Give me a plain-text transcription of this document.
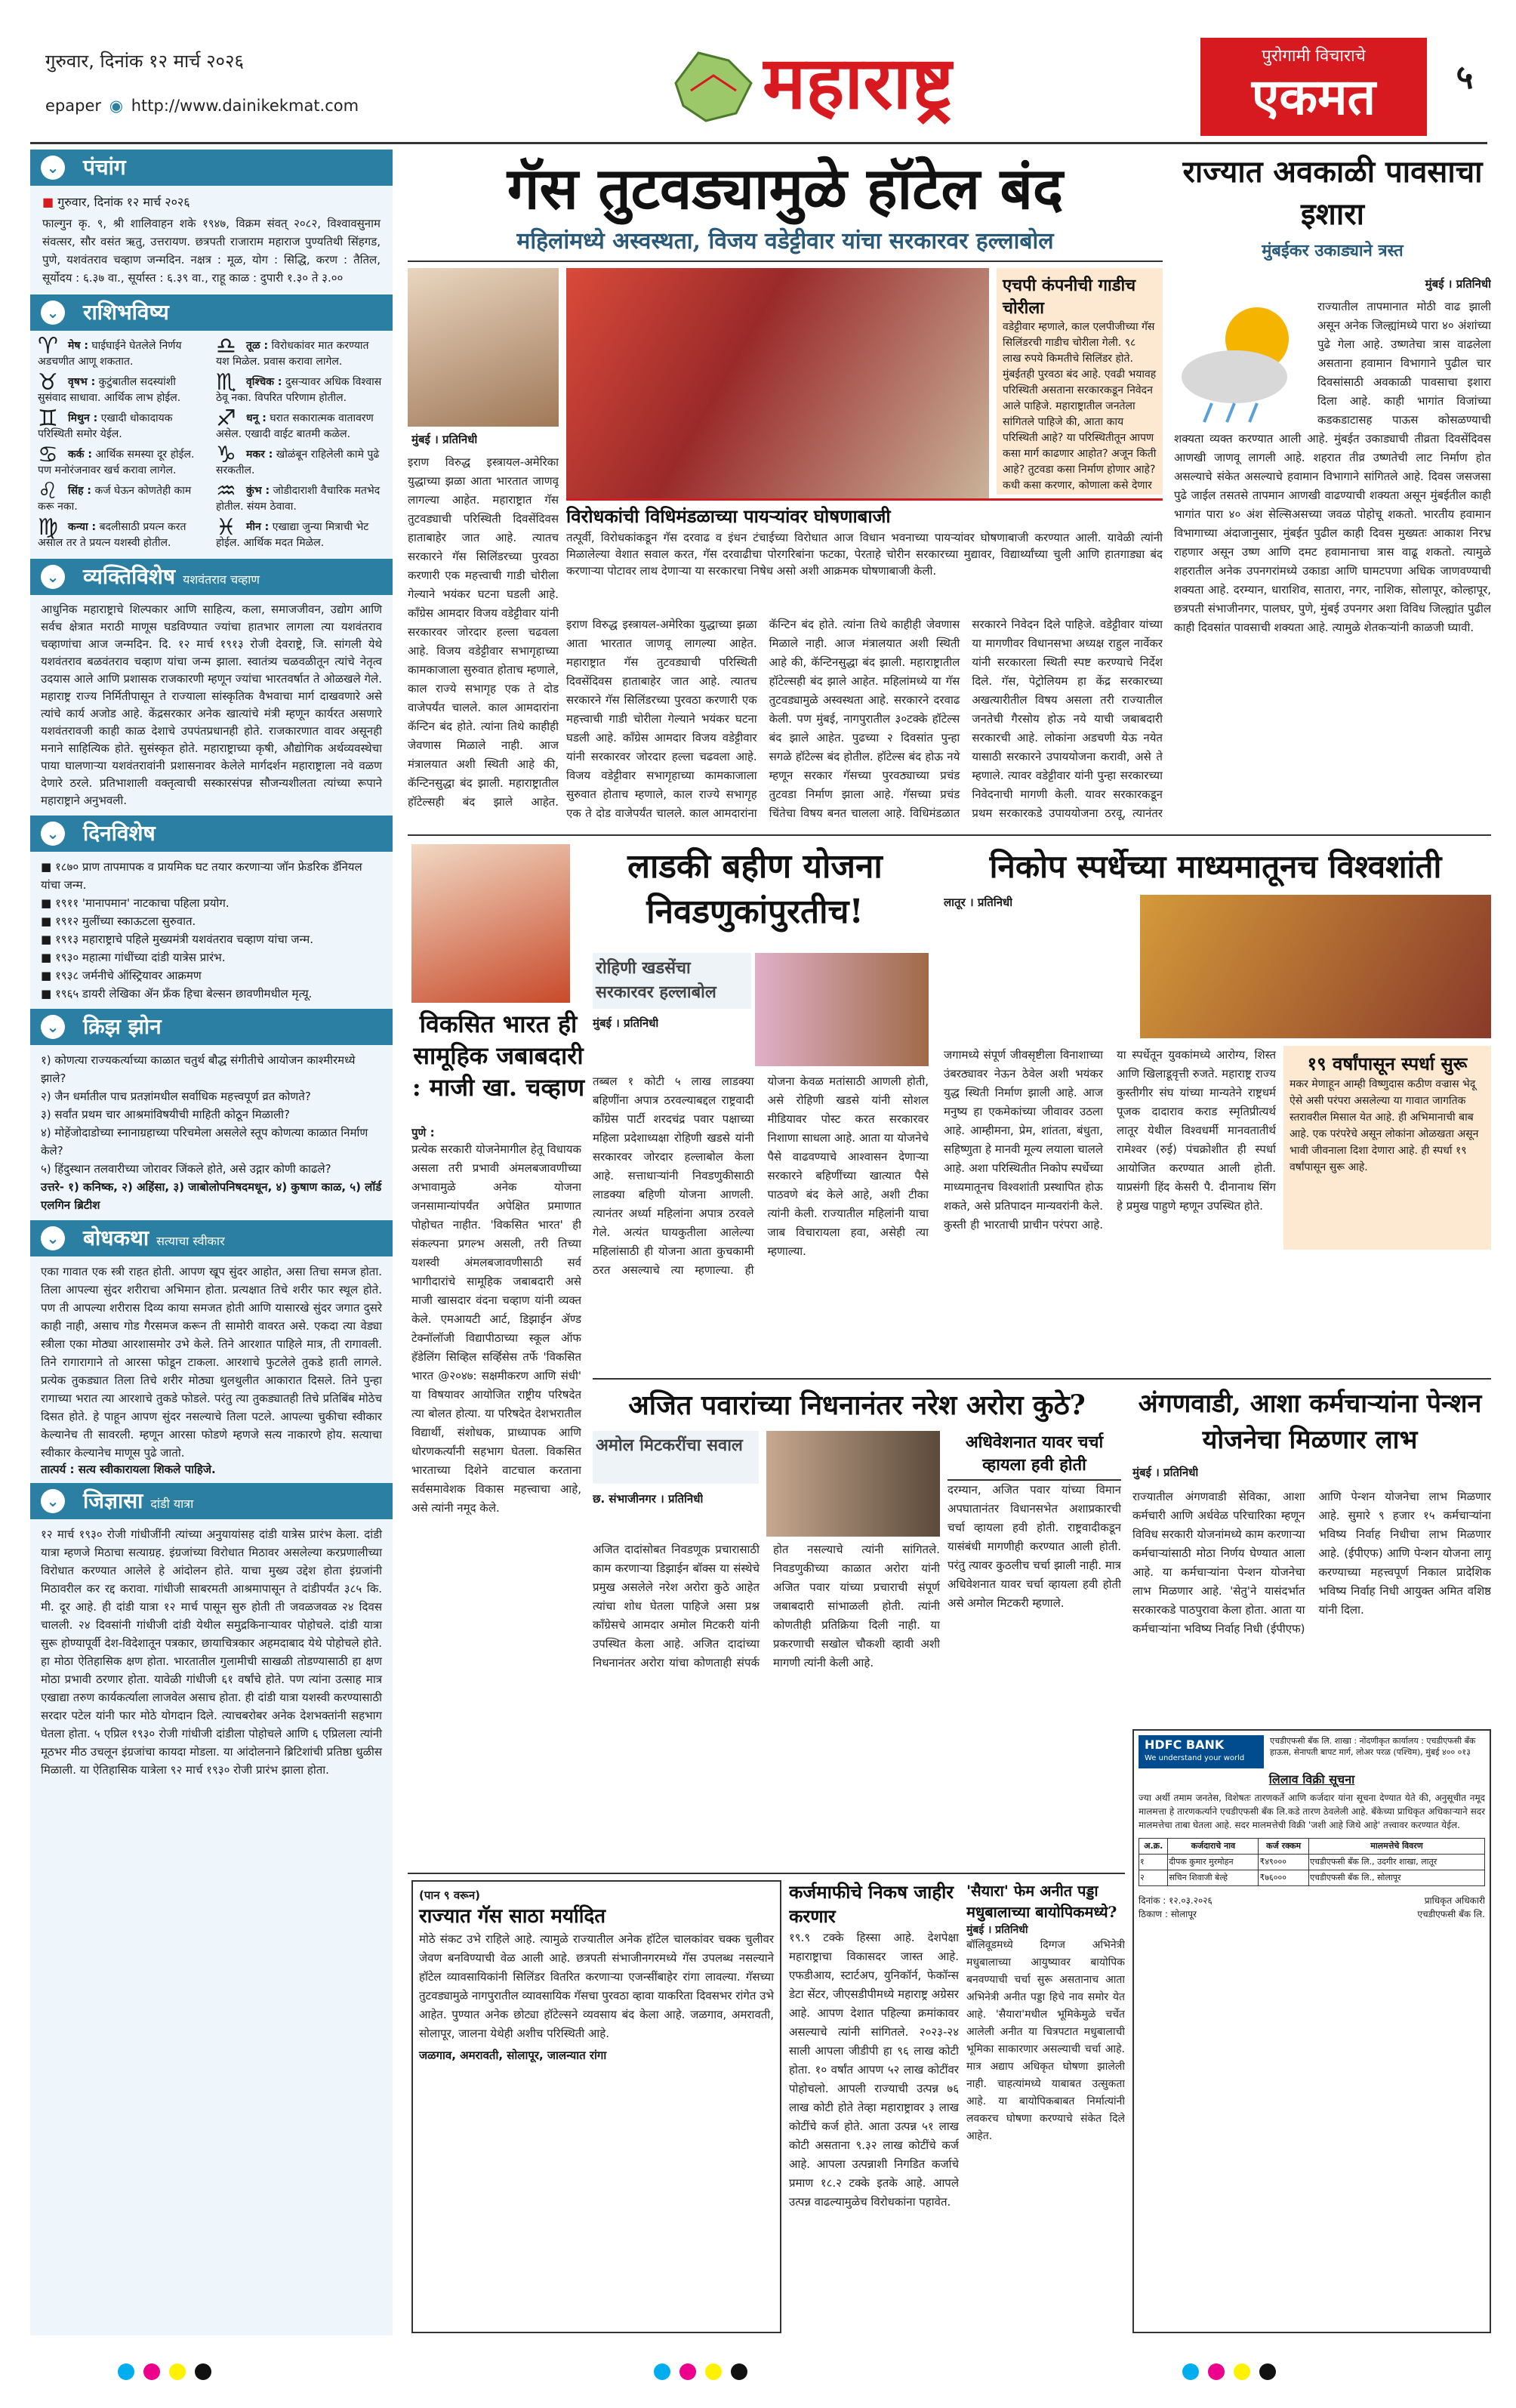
गुरुवार, दिनांक १२ मार्च २०२६
epaper ◉ http://www.dainikekmat.com	महाराष्ट्र	पुरोगामी विचाराचे
एकमत	५
⌄ पंचांग
■ गुरुवार, दिनांक १२ मार्च २०२६
फाल्गुन कृ. ९, श्री शालिवाहन शके १९४७, विक्रम संवत् २०८२, विश्वावसुनाम संवत्सर, सौर वसंत ऋतु, उत्तरायण. छत्रपती राजाराम महाराज पुण्यतिथी सिंहगड, पुणे, यशवंतराव चव्हाण जन्मदिन. नक्षत्र : मूळ, योग : सिद्धि, करण : तैतिल, सूर्योदय : ६.३७ वा., सूर्यास्त : ६.३९ वा., राहू काळ : दुपारी १.३० ते ३.००
⌄ राशिभविष्य
♈ मेष : घाईघाईने घेतलेले निर्णय अडचणीत आणू शकतात.
♎ तूळ : विरोधकांवर मात करण्यात यश मिळेल. प्रवास करावा लागेल.
♉ वृषभ : कुटुंबातील सदस्यांशी सुसंवाद साधावा. आर्थिक लाभ होईल.
♏ वृश्चिक : दुसऱ्यावर अधिक विश्वास ठेवू नका. विपरित परिणाम होतील.
♊ मिथुन : एखादी धोकादायक परिस्थिती समोर येईल.
♐ धनू : घरात सकारात्मक वातावरण असेल. एखादी वाईट बातमी कळेल.
♋ कर्क : आर्थिक समस्या दूर होईल. पण मनोरंजनावर खर्च करावा लागेल.
♑ मकर : खोळंबून राहिलेली कामे पुढे सरकतील.
♌ सिंह : कर्ज घेऊन कोणतेही काम करू नका.
♒ कुंभ : जोडीदाराशी वैचारिक मतभेद होतील. संयम ठेवावा.
♍ कन्या : बदलीसाठी प्रयत्न करत असाल तर ते प्रयत्न यशस्वी होतील.
♓ मीन : एखाद्या जुन्या मित्राची भेट होईल. आर्थिक मदत मिळेल.
⌄ व्यक्तिविशेष यशवंतराव चव्हाण
आधुनिक महाराष्ट्राचे शिल्पकार आणि साहित्य, कला, समाजजीवन, उद्योग आणि सर्वच क्षेत्रात मराठी माणूस घडविण्यात ज्यांचा हातभार लागला त्या यशवंतराव चव्हाणांचा आज जन्मदिन. दि. १२ मार्च १९१३ रोजी देवराष्ट्रे, जि. सांगली येथे यशवंतराव बळवंतराव चव्हाण यांचा जन्म झाला. स्वातंत्र्य चळवळीतून त्यांचे नेतृत्व उदयास आले आणि प्रशासक राजकारणी म्हणून ज्यांचा भारतवर्षात ते ओळखले गेले. महाराष्ट्र राज्य निर्मितीपासून ते राज्याला सांस्कृतिक वैभवाचा मार्ग दाखवणारे असे त्यांचे कार्य अजोड आहे. केंद्रसरकार अनेक खात्यांचे मंत्री म्हणून कार्यरत असणारे यशवंतरावजी काही काळ देशाचे उपपंतप्रधानही होते. राजकारणात वावर असूनही मनाने साहित्यिक होते. सुसंस्कृत होते. महाराष्ट्राच्या कृषी, औद्योगिक अर्थव्यवस्थेचा पाया घालणाऱ्या यशवंतरावांनी प्रशासनावर केलेले मार्गदर्शन महाराष्ट्राला नवे वळण देणारे ठरले. प्रतिभाशाली वक्तृत्वाची सस्कारसंपन्न सौजन्यशीलता त्यांच्या रूपाने महाराष्ट्राने अनुभवली.
⌄ दिनविशेष
■ १८७० प्राण तापमापक व प्रायमिक घट तयार करणाऱ्या जॉन फ्रेडरिक डॅनियल यांचा जन्म.
■ १९११ 'मानापमान' नाटकाचा पहिला प्रयोग.
■ १९१२ मुलींच्या स्काऊटला सुरुवात.
■ १९१३ महाराष्ट्राचे पहिले मुख्यमंत्री यशवंतराव चव्हाण यांचा जन्म.
■ १९३० महात्मा गांधींच्या दांडी यात्रेस प्रारंभ.
■ १९३८ जर्मनीचे ऑस्ट्रियावर आक्रमण
■ १९६५ डायरी लेखिका ॲन फ्रँक हिचा बेल्सन छावणीमधील मृत्यू.
⌄ क्रिझ झोन
१) कोणत्या राज्यकर्त्याच्या काळात चतुर्थ बौद्ध संगीतीचे आयोजन काश्मीरमध्ये झाले?
२) जैन धर्मातील पाच प्रतज्ञांमधील सर्वाधिक महत्त्वपूर्ण व्रत कोणते?
३) सर्वांत प्रथम चार आश्रमांविषयीची माहिती कोठून मिळाली?
४) मोहेंजोदाडोच्या स्नानाग्रहाच्या परिचमेला असलेले स्तूप कोणत्या काळात निर्माण केले?
५) हिंदुस्थान तलवारीच्या जोरावर जिंकले होते, असे उद्गार कोणी काढले?
उत्तरे- १) कनिष्क, २) अहिंसा, ३) जाबोलोपनिषदमधून, ४) कुषाण काळ, ५) लॉर्ड एलगिन ब्रिटीश
⌄ बोधकथा सत्याचा स्वीकार
एका गावात एक स्त्री राहत होती. आपण खूप सुंदर आहोत, असा तिचा समज होता. तिला आपल्या सुंदर शरीराचा अभिमान होता. प्रत्यक्षात तिचे शरीर फार स्थूल होते. पण ती आपल्या शरीरास दिव्य काया समजत होती आणि यासारखे सुंदर जगात दुसरे काही नाही, असाच गोड गैरसमज करून ती सामोरी वावरत असे. एकदा त्या वेड्या स्त्रीला एका मोठ्या आरशासमोर उभे केले. तिने आरशात पाहिले मात्र, ती रागावली. तिने रागारागाने तो आरसा फोडून टाकला. आरशाचे फुटलेले तुकडे हाती लागले. प्रत्येक तुकड्यात तिला तिचे शरीर मोठ्या थुलथुलीत आकारात दिसले. तिने पुन्हा रागाच्या भरात त्या आरशाचे तुकडे फोडले. परंतु त्या तुकड्यातही तिचे प्रतिबिंब मोठेच दिसत होते. हे पाहून आपण सुंदर नसल्याचे तिला पटले. आपल्या चुकीचा स्वीकार केल्यानेच ती सावरली. म्हणून आरसा फोडणे म्हणजे सत्य नाकारणे होय. सत्याचा स्वीकार केल्यानेच माणूस पुढे जातो.
तात्पर्य : सत्य स्वीकारायला शिकले पाहिजे.
⌄ जिज्ञासा दांडी यात्रा
१२ मार्च १९३० रोजी गांधीजींनी त्यांच्या अनुयायांसह दांडी यात्रेस प्रारंभ केला. दांडी यात्रा म्हणजे मिठाचा सत्याग्रह. इंग्रजांच्या विरोधात मिठावर असलेल्या करप्रणालीच्या विरोधात करण्यात आलेले हे आंदोलन होते. याचा मुख्य उद्देश होता इंग्रजांनी मिठावरील कर रद्द करावा. गांधीजी साबरमती आश्रमापासून ते दांडीपर्यंत ३८५ कि. मी. दूर आहे. ही दांडी यात्रा १२ मार्च पासून सुरु होती ती जवळजवळ २४ दिवस चालली. २४ दिवसांनी गांधीजी दांडी येथील समुद्रकिनाऱ्यावर पोहोचले. दांडी यात्रा सुरू होण्यापूर्वी देश-विदेशातून पत्रकार, छायाचित्रकार अहमदाबाद येथे पोहोचले होते. हा मोठा ऐतिहासिक क्षण होता. भारतातील गुलामीची साखळी तोडण्यासाठी हा क्षण मोठा प्रभावी ठरणार होता. यावेळी गांधीजी ६१ वर्षांचे होते. पण त्यांना उत्साह मात्र एखाद्या तरुण कार्यकर्त्याला लाजवेल असाच होता. ही दांडी यात्रा यशस्वी करण्यासाठी सरदार पटेल यांनी फार मोठे योगदान दिले. त्याचबरोबर अनेक देशभक्तांनी सहभाग घेतला होता. ५ एप्रिल १९३० रोजी गांधीजी दांडीला पोहोचले आणि ६ एप्रिलला त्यांनी मूठभर मीठ उचलून इंग्रजांचा कायदा मोडला. या आंदोलनाने ब्रिटिशांची प्रतिष्ठा धुळीस मिळाली. या ऐतिहासिक यात्रेला ९२ मार्च १९३० रोजी प्रारंभ झाला होता.
गॅस तुटवड्यामुळे हॉटेल बंद
महिलांमध्ये अस्वस्थता, विजय वडेट्टीवार यांचा सरकारवर हल्लाबोल
मुंबई । प्रतिनिधी
विरोधकांची विधिमंडळाच्या पायऱ्यांवर घोषणाबाजी
तत्पूर्वी, विरोधकांकडून गॅस दरवाढ व इंधन टंचाईच्या विरोधात आज विधान भवनाच्या पायऱ्यांवर घोषणाबाजी करण्यात आली. यावेळी त्यांनी मिळालेल्या वेशात सवाल करत, गॅस दरवाढीचा पोरगरिबांना फटका, पेरताहे चोरीन सरकारच्या मुद्यावर, विद्यार्थ्यांच्या चुली आणि हातगाड्या बंद करणाऱ्या पोटावर लाथ देणाऱ्या या सरकारचा निषेध असो अशी आक्रमक घोषणाबाजी केली.
एचपी कंपनीची गाडीच चोरीला
वडेट्टीवार म्हणाले, काल एलपीजीच्या गॅस सिलिंडरची गाडीच चोरीला गेली. ९८ लाख रुपये किमतीचे सिलिंडर होते. मुंबईतही पुरवठा बंद आहे. एवढी भयावह परिस्थिती असताना सरकारकडून निवेदन आले पाहिजे. महाराष्ट्रातील जनतेला सांगितले पाहिजे की, आता काय परिस्थिती आहे? या परिस्थितीतून आपण कसा मार्ग काढणार आहोत? अजून किती आहे? तुटवडा कसा निर्माण होणार आहे? कधी कसा करणार, कोणाला कसे देणार
इराण विरुद्ध इस्त्रायल-अमेरिका युद्धाच्या झळा आता भारतात जाणवू लागल्या आहेत. महाराष्ट्रात गॅस तुटवड्याची परिस्थिती दिवसेंदिवस हाताबाहेर जात आहे. त्यातच सरकारने गॅस सिलिंडरच्या पुरवठा करणारी एक महत्त्वाची गाडी चोरीला गेल्याने भयंकर घटना घडली आहे. काँग्रेस आमदार विजय वडेट्टीवार यांनी सरकारवर जोरदार हल्ला चढवला आहे. विजय वडेट्टीवार सभागृहाच्या कामकाजाला सुरुवात होताच म्हणाले, काल राज्ये सभागृह एक ते दोड वाजेपर्यंत चालले. काल आमदारांना कॅन्टिन बंद होते. त्यांना तिथे काहीही जेवणास मिळाले नाही. आज मंत्रालयात अशी स्थिती आहे की, कॅन्टिनसुद्धा बंद झाली. महाराष्ट्रातील हॉटेल्सही बंद झाले आहेत.
इराण विरुद्ध इस्त्रायल-अमेरिका युद्धाच्या झळा आता भारतात जाणवू लागल्या आहेत. महाराष्ट्रात गॅस तुटवड्याची परिस्थिती दिवसेंदिवस हाताबाहेर जात आहे. त्यातच सरकारने गॅस सिलिंडरच्या पुरवठा करणारी एक महत्त्वाची गाडी चोरीला गेल्याने भयंकर घटना घडली आहे. काँग्रेस आमदार विजय वडेट्टीवार यांनी सरकारवर जोरदार हल्ला चढवला आहे. विजय वडेट्टीवार सभागृहाच्या कामकाजाला सुरुवात होताच म्हणाले, काल राज्ये सभागृह एक ते दोड वाजेपर्यंत चालले. काल आमदारांना कॅन्टिन बंद होते. त्यांना तिथे काहीही जेवणास मिळाले नाही. आज मंत्रालयात अशी स्थिती आहे की, कॅन्टिनसुद्धा बंद झाली. महाराष्ट्रातील हॉटेल्सही बंद झाले आहेत. महिलांमध्ये या गॅस तुटवड्यामुळे अस्वस्थता आहे. सरकारने दरवाढ केली. पण मुंबई, नागपुरातील ३०टक्के हॉटेल्स बंद झाले आहेत. पुढच्या २ दिवसांत पुन्हा सगळे हॉटेल्स बंद होतील. हॉटेल्स बंद होऊ नये म्हणून सरकार गॅसच्या पुरवठ्याच्या प्रचंड तुटवडा निर्माण झाला आहे. गॅसच्या प्रचंड चिंतेचा विषय बनत चालला आहे. विधिमंडळात सरकारने निवेदन दिले पाहिजे. वडेट्टीवार यांच्या या मागणीवर विधानसभा अध्यक्ष राहुल नार्वेकर यांनी सरकारला स्थिती स्पष्ट करण्याचे निर्देश दिले. गॅस, पेट्रोलियम हा केंद्र सरकारच्या अखत्यारीतील विषय असला तरी राज्यातील जनतेची गैरसोय होऊ नये याची जबाबदारी सरकारची आहे. लोकांना अडचणी येऊ नयेत यासाठी सरकारने उपाययोजना करावी, असे ते म्हणाले. त्यावर वडेट्टीवार यांनी पुन्हा सरकारच्या निवेदनाची मागणी केली. यावर सरकारकडून प्रथम सरकारकडे उपाययोजना ठरवू, त्यानंतर
राज्यात अवकाळी पावसाचा इशारा
मुंबईकर उकाड्याने त्रस्त
मुंबई । प्रतिनिधी
राज्यातील तापमानात मोठी वाढ झाली असून अनेक जिल्ह्यांमध्ये पारा ४० अंशांच्या पुढे गेला आहे. उष्णतेचा त्रास वाढलेला असताना हवामान विभागाने पुढील चार दिवसांसाठी अवकाळी पावसाचा इशारा दिला आहे. काही भागांत विजांच्या कडकडाटासह पाऊस कोसळण्याची शक्यता व्यक्त करण्यात आली आहे. मुंबईत उकाड्याची तीव्रता दिवसेंदिवस आणखी जाणवू लागली आहे. शहरात तीव्र उष्णतेची लाट निर्माण होत असल्याचे संकेत असल्याचे हवामान विभागाने सांगितले आहे. दिवस जसजसा पुढे जाईल तसतसे तापमान आणखी वाढण्याची शक्यता असून मुंबईतील काही भागांत पारा ४० अंश सेल्सिअसच्या जवळ पोहोचू शकतो. भारतीय हवामान विभागाच्या अंदाजानुसार, मुंबईत पुढील काही दिवस मुख्यतः आकाश निरभ्र राहणार असून उष्ण आणि दमट हवामानाचा त्रास वाढू शकतो. त्यामुळे शहरातील अनेक उपनगरांमध्ये उकाडा आणि घामटपणा अधिक जाणवण्याची शक्यता आहे. दरम्यान, धाराशिव, सातारा, नगर, नाशिक, सोलापूर, कोल्हापूर, छत्रपती संभाजीनगर, पालघर, पुणे, मुंबई उपनगर अशा विविध जिल्ह्यांत पुढील काही दिवसांत पावसाची शक्यता आहे. त्यामुळे शेतकऱ्यांनी काळजी घ्यावी.
लाडकी बहीण योजना निवडणुकांपुरतीच!
विकसित भारत ही सामूहिक जबाबदारी : माजी खा. चव्हाण
पुणे :
प्रत्येक सरकारी योजनेमागील हेतू विधायक असला तरी प्रभावी अंमलबजावणीच्या अभावामुळे अनेक योजना जनसामान्यांपर्यंत अपेक्षित प्रमाणात पोहोचत नाहीत. 'विकसित भारत' ही संकल्पना प्रगल्भ असली, तरी तिच्या यशस्वी अंमलबजावणीसाठी सर्व भागीदारांचे सामूहिक जबाबदारी असे माजी खासदार वंदना चव्हाण यांनी व्यक्त केले. एमआयटी आर्ट, डिझाईन ॲण्ड टेक्नॉलॉजी विद्यापीठाच्या स्कूल ऑफ हॅडेलिंग सिव्हिल सर्व्हिसेस तर्फे 'विकसित भारत @२०४७: सक्षमीकरण आणि संधी' या विषयावर आयोजित राष्ट्रीय परिषदेत त्या बोलत होत्या. या परिषदेत देशभरातील विद्यार्थी, संशोधक, प्राध्यापक आणि धोरणकर्त्यांनी सहभाग घेतला. विकसित भारताच्या दिशेने वाटचाल करताना सर्वसमावेशक विकास महत्त्वाचा आहे, असे त्यांनी नमूद केले.
रोहिणी खडसेंचा सरकारवर हल्लाबोल
मुंबई । प्रतिनिधी
तब्बल १ कोटी ५ लाख लाडक्या बहिणींना अपात्र ठरवल्याबद्दल राष्ट्रवादी काँग्रेस पार्टी शरदचंद्र पवार पक्षाच्या महिला प्रदेशाध्यक्षा रोहिणी खडसे यांनी सरकारवर जोरदार हल्लाबोल केला आहे. सत्ताधाऱ्यांनी निवडणुकीसाठी लाडक्या बहिणी योजना आणली. त्यानंतर अर्ध्या महिलांना अपात्र ठरवले गेले. अत्यंत घायकुतीला आलेल्या महिलांसाठी ही योजना आता कुचकामी ठरत असल्याचे त्या म्हणाल्या. ही योजना केवळ मतांसाठी आणली होती, असे रोहिणी खडसे यांनी सोशल मीडियावर पोस्ट करत सरकारवर निशाणा साधला आहे. आता या योजनेचे पैसे वाढवण्याचे आश्वासन देणाऱ्या सरकारने बहिणींच्या खात्यात पैसे पाठवणे बंद केले आहे, अशी टीका त्यांनी केली. राज्यातील महिलांनी याचा जाब विचारायला हवा, असेही त्या म्हणाल्या.
निकोप स्पर्धेच्या माध्यमातूनच विश्वशांती
लातूर । प्रतिनिधी
१९ वर्षांपासून स्पर्धा सुरू
मकर मेणाहून आम्ही विष्णुदास कठीण वज्रास भेदू ऐसे असी परंपरा असलेल्या या गावात जागतिक स्तरावरील मिसाल येत आहे. ही अभिमानाची बाब आहे. एक परंपरेचे असून लोकांना ओळखता असून भावी जीवनाला दिशा देणारा आहे. ही स्पर्धा १९ वर्षांपासून सुरू आहे.
जगामध्ये संपूर्ण जीवसृष्टीला विनाशाच्या उंबरठ्यावर नेऊन ठेवेल अशी भयंकर युद्ध स्थिती निर्माण झाली आहे. आज मनुष्य हा एकमेकांच्या जीवावर उठला आहे. आम्हीमना, प्रेम, शांतता, बंधुता, सहिष्णुता हे मानवी मूल्य लयाला चालले आहे. अशा परिस्थितीत निकोप स्पर्धेच्या माध्यमातूनच विश्वशांती प्रस्थापित होऊ शकते, असे प्रतिपादन मान्यवरांनी केले. कुस्ती ही भारताची प्राचीन परंपरा आहे. या स्पर्धेतून युवकांमध्ये आरोग्य, शिस्त आणि खिलाडूवृत्ती रुजते. महाराष्ट्र राज्य कुस्तीगीर संघ यांच्या मान्यतेने राष्ट्रधर्म पूजक दादाराव कराड स्मृतिप्रीत्यर्थ लातूर येथील विश्वधर्मी मानवतातीर्थ रामेश्वर (रुई) पंचक्रोशीत ही स्पर्धा आयोजित करण्यात आली होती. याप्रसंगी हिंद केसरी पै. दीनानाथ सिंग हे प्रमुख पाहुणे म्हणून उपस्थित होते.
अजित पवारांच्या निधनानंतर नरेश अरोरा कुठे?
अमोल मिटकरींचा सवाल
छ. संभाजीनगर । प्रतिनिधी
अजित दादांसोबत निवडणूक प्रचारासाठी काम करणाऱ्या डिझाईन बॉक्स या संस्थेचे प्रमुख असलेले नरेश अरोरा कुठे आहेत त्यांचा शोध घेतला पाहिजे असा प्रश्न काँग्रेसचे आमदार अमोल मिटकरी यांनी उपस्थित केला आहे. अजित दादांच्या निधनानंतर अरोरा यांचा कोणताही संपर्क होत नसल्याचे त्यांनी सांगितले. निवडणुकीच्या काळात अरोरा यांनी अजित पवार यांच्या प्रचाराची संपूर्ण जबाबदारी सांभाळली होती. त्यांनी कोणतीही प्रतिक्रिया दिली नाही. या प्रकरणाची सखोल चौकशी व्हावी अशी मागणी त्यांनी केली आहे.
अधिवेशनात यावर चर्चा व्हायला हवी होती
दरम्यान, अजित पवार यांच्या विमान अपघातानंतर विधानसभेत अशाप्रकारची चर्चा व्हायला हवी होती. राष्ट्रवादीकडून यासंबंधी मागणीही करण्यात आली होती. परंतु त्यावर कुठलीच चर्चा झाली नाही. मात्र अधिवेशनात यावर चर्चा व्हायला हवी होती असे अमोल मिटकरी म्हणाले.
अंगणवाडी, आशा कर्मचाऱ्यांना पेन्शन योजनेचा मिळणार लाभ
मुंबई । प्रतिनिधी
राज्यातील अंगणवाडी सेविका, आशा कर्मचारी आणि अर्धवेळ परिचारिका म्हणून विविध सरकारी योजनांमध्ये काम करणाऱ्या कर्मचाऱ्यांसाठी मोठा निर्णय घेण्यात आला आहे. या कर्मचाऱ्यांना पेन्शन योजनेचा लाभ मिळणार आहे. 'सेतु'ने यासंदर्भात सरकारकडे पाठपुरावा केला होता. आता या कर्मचाऱ्यांना भविष्य निर्वाह निधी (ईपीएफ) आणि पेन्शन योजनेचा लाभ मिळणार आहे. सुमारे ९ हजार १५ कर्मचाऱ्यांना भविष्य निर्वाह निधीचा लाभ मिळणार आहे. (ईपीएफ) आणि पेन्शन योजना लागू करण्याच्या महत्त्वपूर्ण निकाल प्रादेशिक भविष्य निर्वाह निधी आयुक्त अमित वशिष्ठ यांनी दिला.
HDFC BANK
We understand your world
एचडीएफसी बँक लि. शाखा : नोंदणीकृत कार्यालय : एचडीएफसी बँक हाऊस, सेनापती बापट मार्ग, लोअर परळ (पश्चिम), मुंबई ४०० ०१३
लिलाव विक्री सूचना
ज्या अर्थी तमाम जनतेस, विशेषतः तारणकर्ते आणि कर्जदार यांना सूचना देण्यात येते की, अनुसूचीत नमूद मालमत्ता हे तारणकर्त्याने एचडीएफसी बँक लि.कडे तारण ठेवलेली आहे. बँकेच्या प्राधिकृत अधिकाऱ्याने सदर मालमत्तेचा ताबा घेतला आहे. सदर मालमत्तेची विक्री 'जशी आहे जिथे आहे' तत्त्वावर करण्यात येईल.
अ.क्र.	कर्जदाराचे नाव	कर्ज रक्कम	मालमत्तेचे विवरण
१	दीपक कुमार मुरमोहन	₹४९०००	एचडीएफसी बँक लि., उदगीर शाखा, लातूर
२	सचिन शिवाजी बेल्हे	₹७६०००	एचडीएफसी बँक लि., सोलापूर
दिनांक : १२.०३.२०२६
ठिकाण : सोलापूर
प्राधिकृत अधिकारी
एचडीएफसी बँक लि.
(पान ९ वरून)
राज्यात गॅस साठा मर्यादित
मोठे संकट उभे राहिले आहे. त्यामुळे राज्यातील अनेक हॉटेल चालकांवर चक्क चुलीवर जेवण बनविण्याची वेळ आली आहे. छत्रपती संभाजीनगरमध्ये गॅस उपलब्ध नसल्याने हॉटेल व्यावसायिकांनी सिलिंडर वितरित करणाऱ्या एजन्सींबाहेर रांगा लावल्या. गॅसच्या तुटवड्यामुळे नागपुरातील व्यावसायिक गॅसचा पुरवठा व्हावा याकरिता दिवसभर रांगेत उभे आहेत. पुण्यात अनेक छोट्या हॉटेल्सने व्यवसाय बंद केला आहे. जळगाव, अमरावती, सोलापूर, जालना येथेही अशीच परिस्थिती आहे.
जळगाव, अमरावती, सोलापूर, जालन्यात रांगा
कर्जमाफीचे निकष जाहीर करणार
१९.९ टक्के हिस्सा आहे. देशपेक्षा महाराष्ट्राचा विकासदर जास्त आहे. एफडीआय, स्टार्टअप, युनिकॉर्न, फेकॉन्स डेटा सेंटर, जीएसडीपीमध्ये महाराष्ट्र अग्रेसर आहे. आपण देशात पहिल्या क्रमांकावर असल्याचे त्यांनी सांगितले. २०२३-२४ साली आपला जीडीपी हा ९६ लाख कोटी होता. १० वर्षांत आपण ५२ लाख कोटींवर पोहोचलो. आपली राज्याची उत्पन्न ७६ लाख कोटी होते तेव्हा महाराष्ट्रावर ३ लाख कोटींचे कर्ज होते. आता उत्पन्न ५१ लाख कोटी असताना ९.३२ लाख कोटींचे कर्ज आहे. आपला उत्पन्नाशी निगडित कर्जाचे प्रमाण १८.२ टक्के इतके आहे. आपले उत्पन्न वाढल्यामुळेच विरोधकांना पहावेत.
'सैयारा' फेम अनीत पड्डा मधुबालाच्या बायोपिकमध्ये?
मुंबई । प्रतिनिधी
बॉलिवूडमध्ये दिग्गज अभिनेत्री मधुबालाच्या आयुष्यावर बायोपिक बनवण्याची चर्चा सुरू असतानाच आता अभिनेत्री अनीत पड्डा हिचे नाव समोर येत आहे. 'सैयारा'मधील भूमिकेमुळे चर्चेत आलेली अनीत या चित्रपटात मधुबालाची भूमिका साकारणार असल्याची चर्चा आहे. मात्र अद्याप अधिकृत घोषणा झालेली नाही. चाहत्यांमध्ये याबाबत उत्सुकता आहे. या बायोपिकबाबत निर्मात्यांनी लवकरच घोषणा करण्याचे संकेत दिले आहेत.
